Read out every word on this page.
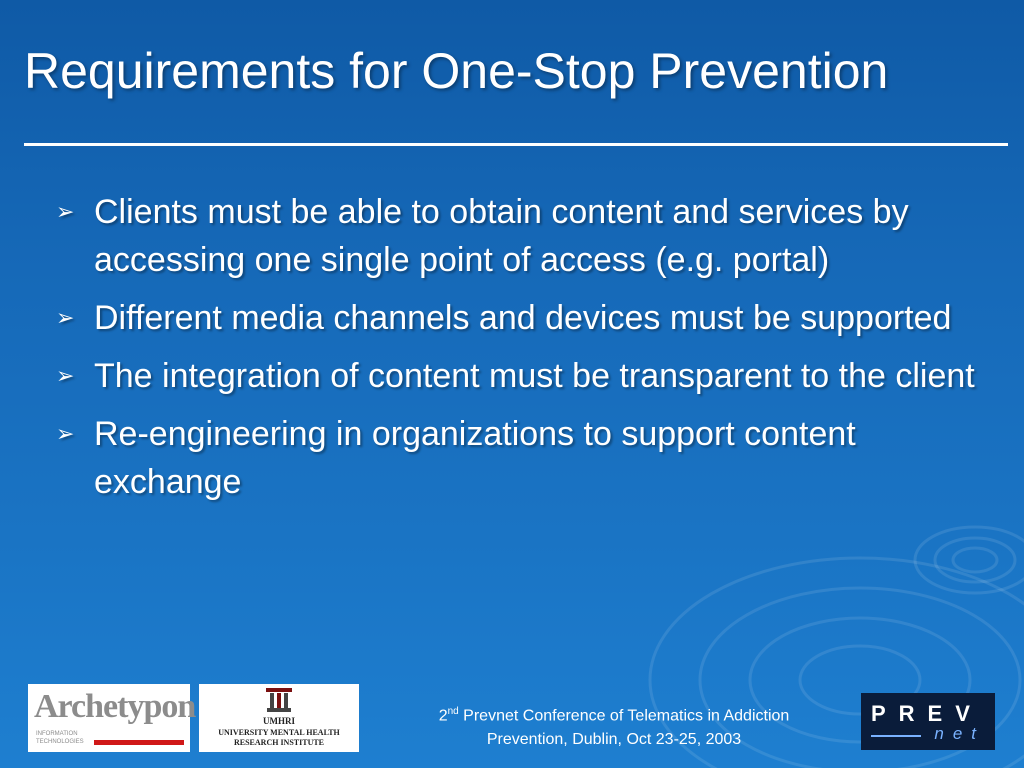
Requirements for One-Stop Prevention
➢ Clients must be able to obtain content and services by accessing one single point of access (e.g. portal)
➢ Different media channels and devices must be supported
➢ The integration of content must be transparent to the client
➢ Re-engineering in organizations to support content exchange
Archetypon
INFORMATION
TECHNOLOGIES
UMHRI
UNIVERSITY MENTAL HEALTH
RESEARCH INSTITUTE
2nd Prevnet Conference of Telematics in Addiction
Prevention, Dublin, Oct 23-25, 2003
PREV
net
